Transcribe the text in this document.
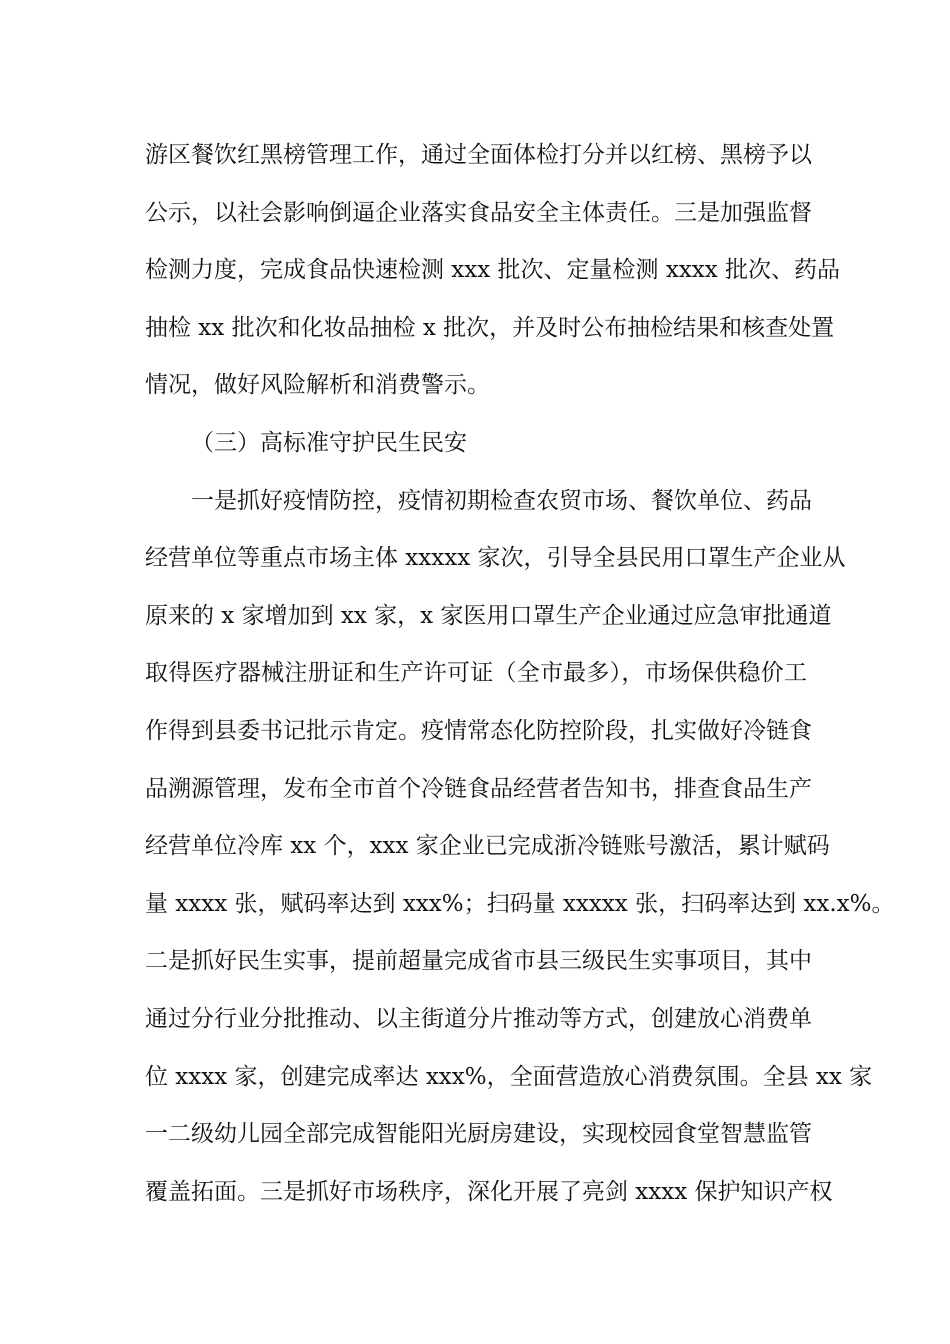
游区餐饮红黑榜管理工作，通过全面体检打分并以红榜、黑榜予以
公示，以社会影响倒逼企业落实食品安全主体责任。三是加强监督
检测力度，完成食品快速检测 xxx 批次、定量检测 xxxx 批次、药品
抽检 xx 批次和化妆品抽检 x 批次，并及时公布抽检结果和核查处置
情况，做好风险解析和消费警示。
（三）高标准守护民生民安
一是抓好疫情防控，疫情初期检查农贸市场、餐饮单位、药品
经营单位等重点市场主体 xxxxx 家次，引导全县民用口罩生产企业从
原来的 x 家增加到 xx 家，x 家医用口罩生产企业通过应急审批通道
取得医疗器械注册证和生产许可证（全市最多），市场保供稳价工
作得到县委书记批示肯定。疫情常态化防控阶段，扎实做好冷链食
品溯源管理，发布全市首个冷链食品经营者告知书，排查食品生产
经营单位冷库 xx 个，xxx 家企业已完成浙冷链账号激活，累计赋码
量 xxxx 张，赋码率达到 xxx%；扫码量 xxxxx 张，扫码率达到 xx.x%。
二是抓好民生实事，提前超量完成省市县三级民生实事项目，其中
通过分行业分批推动、以主街道分片推动等方式，创建放心消费单
位 xxxx 家，创建完成率达 xxx%，全面营造放心消费氛围。全县 xx 家
一二级幼儿园全部完成智能阳光厨房建设，实现校园食堂智慧监管
覆盖拓面。三是抓好市场秩序，深化开展了亮剑 xxxx 保护知识产权
